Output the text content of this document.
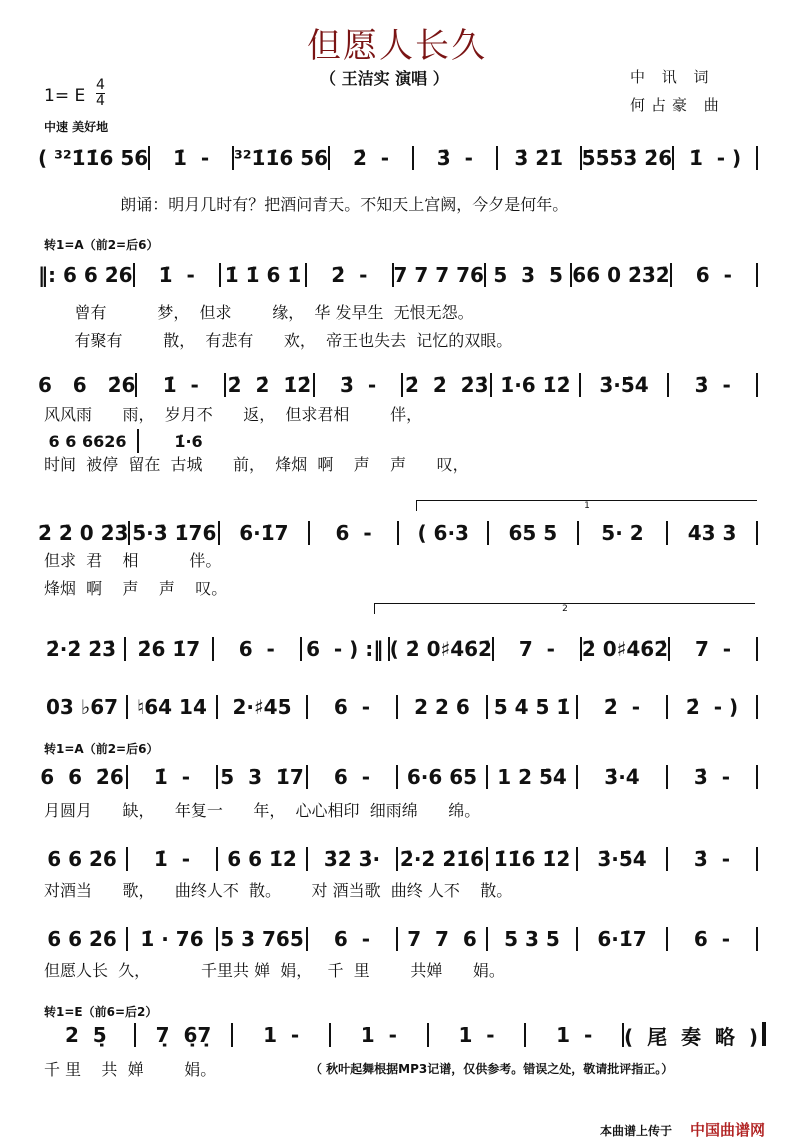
但愿人长久
（ 王洁实 演唱 ）	中 讯 词
何占豪 曲
1= E
4
4
中速 美好地
1
2
( ³²1̇1̇6 56	1̇  -	³²1̇1̇6 56	2̇  -	3̇  -	3̇ 2̇1̇ 5̇5̇5̇3̇ 2̇6 1̇  - )
朗诵：明月几时有？把酒问青天。不知天上宫阙，今夕是何年。
转1=A（前2=后6）
‖: 6 6 2̇6	1̇  -	1̇ 1̇ 6 1̇	2̇  -	7 7 7 76 5  3  5 66 0 2̇3̇2̇	6  -
曾有          梦，  但求        缘，  华 发早生  无恨无怨。
有聚有        散，  有悲有      欢，  帝王也失去  记忆的双眼。
6   6   2̇6	1̇  -	2̇  2̇  1̇2̇	3̇  -	2̇  2̇  2̇3̇ 1̇·6 1̇2̇	3̇·5̇4̇	3̇  -
风风雨      雨，  岁月不      返，  但求君相        伴，
6 6 6626	1̇·6
时间  被停  留在  古城      前，  烽烟  啊    声    声      叹，
2̇ 2̇ 0 2̇3̇ 5̇·3̇ 1̇76	6·1̇7	6  -	( 6·3	65 5	5· 2	43 3
但求  君    相          伴。
烽烟  啊    声    声    叹。
2̇·2̇ 2̇3̇	2̇6 1̇7	6  -	6  - ) :‖ ( 2̇ 0♯4̇6̇2̇	7  -	2̇ 0♯4̇6̇2̇	7  -
03 ♭67 ♮64 14	2·♯45	6  -	2 2 6	5 4 5 1̇	2̇  -	2̇  - )
转1=A（前2=后6）
6  6  2̇6	1̇  -	5  3  1̇7	6  -	6·6 65	1 2 5̇4̇	3̇·4̇	3̇  -
月圆月      缺，    年复一      年，  心心相印  细雨绵      绵。
6 6 2̇6	1̇  -	6 6 1̇2̇	3̇2̇ 3̇· 2̇·2̇ 2̇1̇6 1̇1̇6 1̇2̇	3̇·5̇4̇	3̇  -
对酒当      歌，    曲终人不  散。      对 酒当歌  曲终 人不    散。
6 6 2̇6	1̇ · 76 5 3 765	6  -	7  7  6	5 3 5	6·1̇7	6  -
但愿人长  久，          千里共 婵  娟，   千  里        共婵      娟。
转1=E（前6=后2）
2  5̣	7̣  6̣7̣	1  -	1  -	1  -	1  -	(  尾  奏  略  )
千 里    共  婵        娟。	（ 秋叶起舞根据MP3记谱，仅供参考。错误之处，敬请批评指正。）
本曲谱上传于 中国曲谱网
